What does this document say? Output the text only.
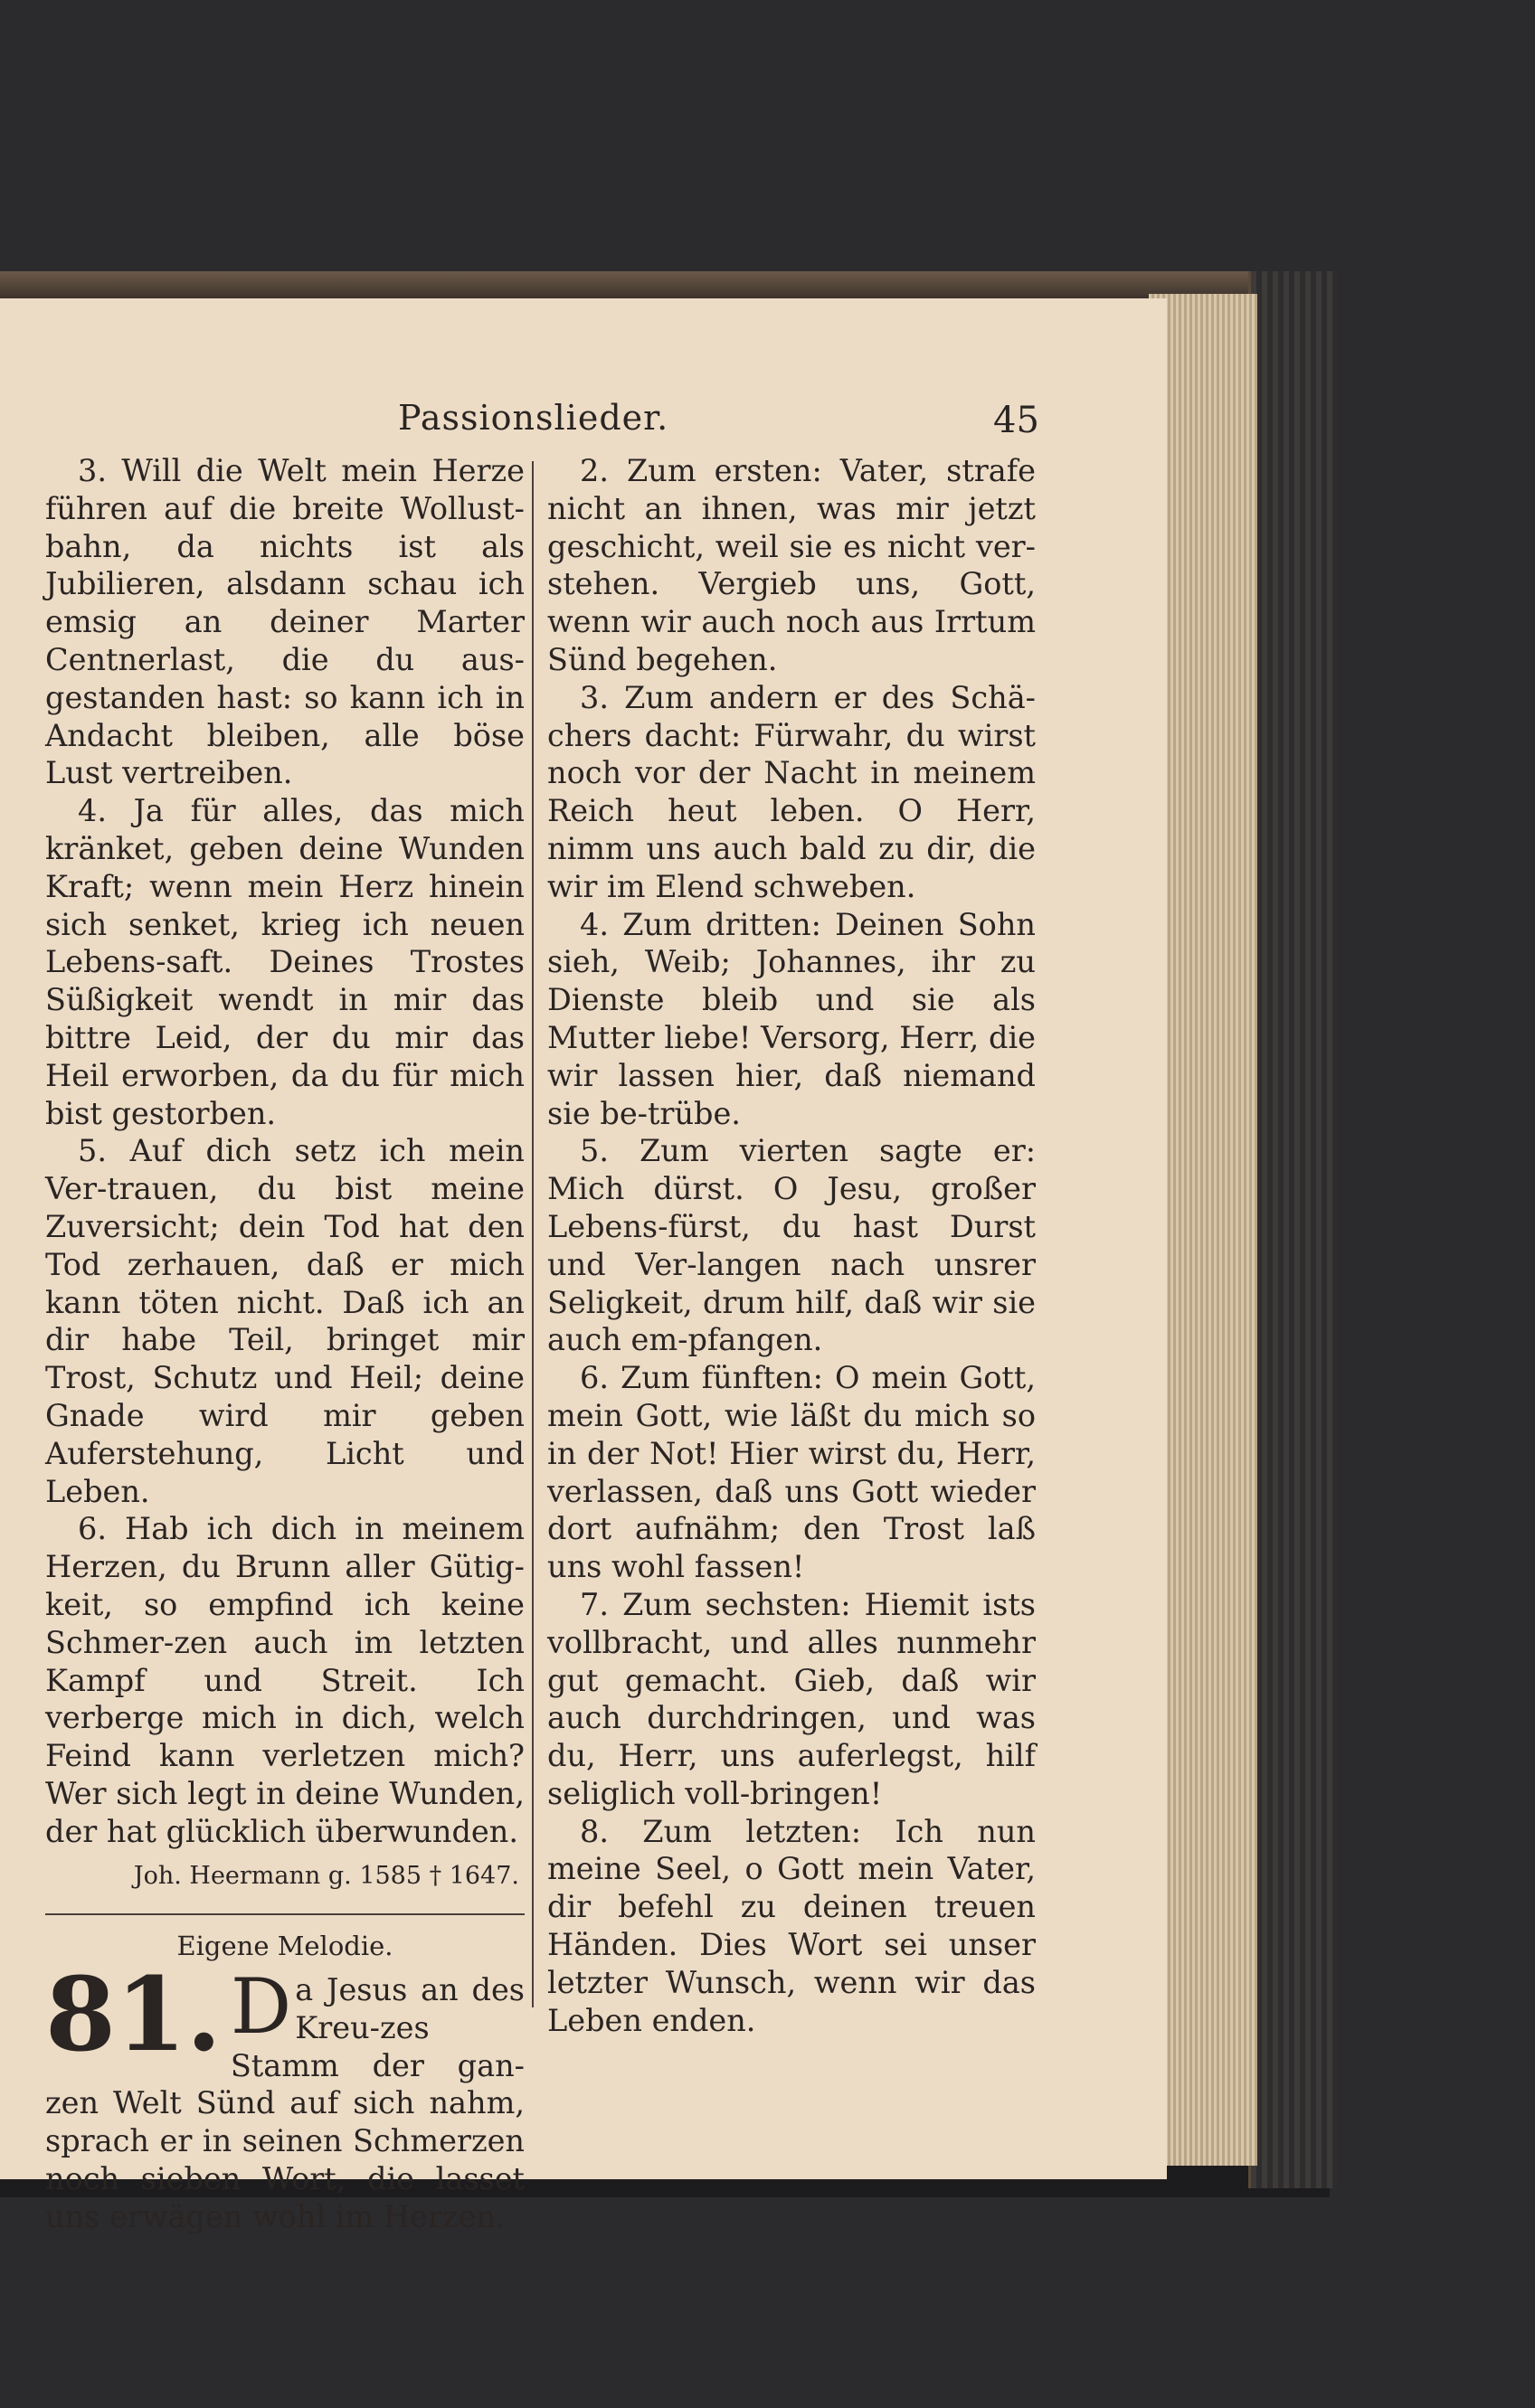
Passionslieder.	45

3. Will die Welt mein Herze führen auf die breite Wollust-bahn, da nichts ist als Jubilieren, alsdann schau ich emsig an deiner Marter Centnerlast, die du aus-gestanden hast: so kann ich in Andacht bleiben, alle böse Lust vertreiben.

4. Ja für alles, das mich kränket, geben deine Wunden Kraft; wenn mein Herz hinein sich senket, krieg ich neuen Lebens-saft. Deines Trostes Süßigkeit wendt in mir das bittre Leid, der du mir das Heil erworben, da du für mich bist gestorben.

5. Auf dich setz ich mein Ver-trauen, du bist meine Zuversicht; dein Tod hat den Tod zerhauen, daß er mich kann töten nicht. Daß ich an dir habe Teil, bringet mir Trost, Schutz und Heil; deine Gnade wird mir geben Auferstehung, Licht und Leben.

6. Hab ich dich in meinem Herzen, du Brunn aller Gütig-keit, so empfind ich keine Schmer-zen auch im letzten Kampf und Streit. Ich verberge mich in dich, welch Feind kann verletzen mich? Wer sich legt in deine Wunden, der hat glücklich überwunden.

Joh. Heermann g. 1585 † 1647.
Eigene Melodie.

81. D a Jesus an des Kreu-zes Stamm der gan-zen Welt Sünd auf sich nahm, sprach er in seinen Schmerzen noch sieben Wort, die lasset uns erwägen wohl im Herzen.

2. Zum ersten: Vater, strafe nicht an ihnen, was mir jetzt geschicht, weil sie es nicht ver-stehen. Vergieb uns, Gott, wenn wir auch noch aus Irrtum Sünd begehen.

3. Zum andern er des Schä-chers dacht: Fürwahr, du wirst noch vor der Nacht in meinem Reich heut leben. O Herr, nimm uns auch bald zu dir, die wir im Elend schweben.

4. Zum dritten: Deinen Sohn sieh, Weib; Johannes, ihr zu Dienste bleib und sie als Mutter liebe! Versorg, Herr, die wir lassen hier, daß niemand sie be-trübe.

5. Zum vierten sagte er: Mich dürst. O Jesu, großer Lebens-fürst, du hast Durst und Ver-langen nach unsrer Seligkeit, drum hilf, daß wir sie auch em-pfangen.

6. Zum fünften: O mein Gott, mein Gott, wie läßt du mich so in der Not! Hier wirst du, Herr, verlassen, daß uns Gott wieder dort aufnähm; den Trost laß uns wohl fassen!

7. Zum sechsten: Hiemit ists vollbracht, und alles nunmehr gut gemacht. Gieb, daß wir auch durchdringen, und was du, Herr, uns auferlegst, hilf seliglich voll-bringen!

8. Zum letzten: Ich nun meine Seel, o Gott mein Vater, dir befehl zu deinen treuen Händen. Dies Wort sei unser letzter Wunsch, wenn wir das Leben enden.
